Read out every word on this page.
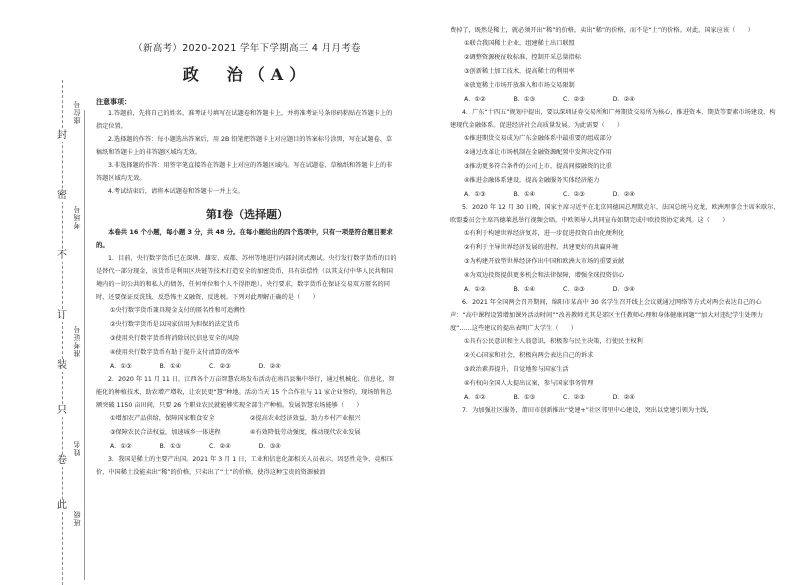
封
密
不
订
装
只
卷
此
座位号
考场号
准考证号
姓名
班级
（新高考）2020-2021 学年下学期高三 4 月月考卷
政　治（A）
注意事项：

1.答题前，先将自己的姓名、准考证号填写在试题卷和答题卡上，并将准考证号条形码粘贴在答题卡上的指定位置。

2.选择题的作答：每小题选出答案后，用 2B 铅笔把答题卡上对应题目的答案标号涂黑，写在试题卷、草稿纸和答题卡上的非答题区域均无效。

3.非选择题的作答：用签字笔直接答在答题卡上对应的答题区域内。写在试题卷、草稿纸和答题卡上的非答题区域均无效。

4.考试结束后，请将本试题卷和答题卡一并上交。

第Ⅰ卷（选择题）

本卷共 16 个小题，每小题 3 分，共 48 分。在每小题给出的四个选项中，只有一项是符合题目要求的。

1．目前，央行数字货币已在深圳、雄安、成都、苏州等地进行内部封闭式测试。央行发行数字货币的目的是替代一部分现金，该货币是利用区块链等技术打造安全的加密货币，具有法偿性（以其支付中华人民共和国境内的一切公共的和私人的债务，任何单位和个人不得拒绝）。央行要求，数字货币在保证交易双方匿名的同时，还要保证反洗钱、反恐怖主义融资、反逃税。下列对此理解正确的是（　　）

①央行数字货币兼具现金支付的匿名性和可追溯性
②央行数字货币是以国家信用为担保的法定货币
③使用央行数字货币将消除居民信息安全的风险
④使用央行数字货币有助于提升支付清算的效率
A．①③	B．①④	C．②③	D．②④

2．2020 年 11 月 11 日，江西各个万亩智慧农场发布活动在南昌县集中举行，通过机械化、信息化、智能化的种植技术，助农增产增收，让农民更“慧”种地。活动当天 15 个合作社与 11 家企业签约，现场销售总额突破 1150 亩田间，只要 26 个职业农民就能够实现全部生产种植。发展智慧农场能够（　　）

①增加农产品供给，保障国家粮食安全	②提高农业经济效益，助力乡村产业振兴
③保障农民合法权益，加速城乡一体进程	④有效降低劳动强度，推动现代农业发展
A．①②	B．①③	C．②④	D．③④

3．我国是稀土的主要产出国。2021 年 3 月 1 日，工业和信息化部相关人员表示，因恶性竞争、竞相压价，中国稀土没能卖出“稀”的价格，只卖出了“土”的价格，使得这种宝贵的资源被浪

费掉了，既然是稀土，就必须开出“稀”的价格，卖出“稀”的价格，而不是“土”的价格。对此，国家应该（　　）

①联合我国稀土企业，组建稀土出口联盟
②调整资源税征收标准，控制开采总量指标
③创新稀土加工技术，提高稀土的利用率
④放宽稀土市场开放准入和市场交易限制
A．①②	B．①③	C．②③	D．②④

4．广东“十四五”规划中提出，要以深圳证券交易所和广州期货交易所为核心，推进资本、期货等要素市场建设，构建现代金融体系。促进经济社会高质量发展。为此需要（　　）

①推进期货交易成为广东金融体系中最重要的组成部分
②通过改革让市场机制在金融资源配置中发挥决定作用
③推动更多符合条件的公司上市，提高间接融资的比重
④推进金融体系建设，提高金融服务实体经济能力
A．①③	B．①④	C．②③	D．②④

5．2020 年 12 月 30 日晚，国家主席习近平在北京同德国总理默克尔、法国总统马克龙、欧洲理事会主席米歇尔、欧盟委员会主席冯德莱恩举行视频会晤。中欧领导人共同宣布如期完成中欧投资协定谈判。这（　　）

①有利于构建世界经济复苏，进一步促进投资自由化便利化
②有利于主导世界经济发展的进程，共建更好的共赢环境
③为构建开放型世界经济作出中国和欧洲大市场的重要贡献
④为双边投资提供更多机会和法律保障，增强全球投资信心
A．①②	B．①④	C．②③	D．③④

6．2021 年全国两会召开期间，绵阳市某高中 30 名学生召开线上会议就通过网络等方式对两会表达自己的心声：“高中课程设置增加课外活动时间”“改善教师尤其是郊区主任教师心理和身体健康问题”“加大对违纪学生处理力度”……这些建议的提出表明广大学生（　　）

①具有公民意识和主人翁意识，积极参与民主决策，行使民主权利
②关心国家和社会，积极向两会表达自己的诉求
③政治素养提升，自觉地参与国家生活
④有权向全国人大提出议案，参与国家事务管理
A．①②	B．①③	C．②③	D．②④

7．为加强社区服务，莆田市创新推出“党建+”社区邻里中心建设，突出以党建引领为主线，
